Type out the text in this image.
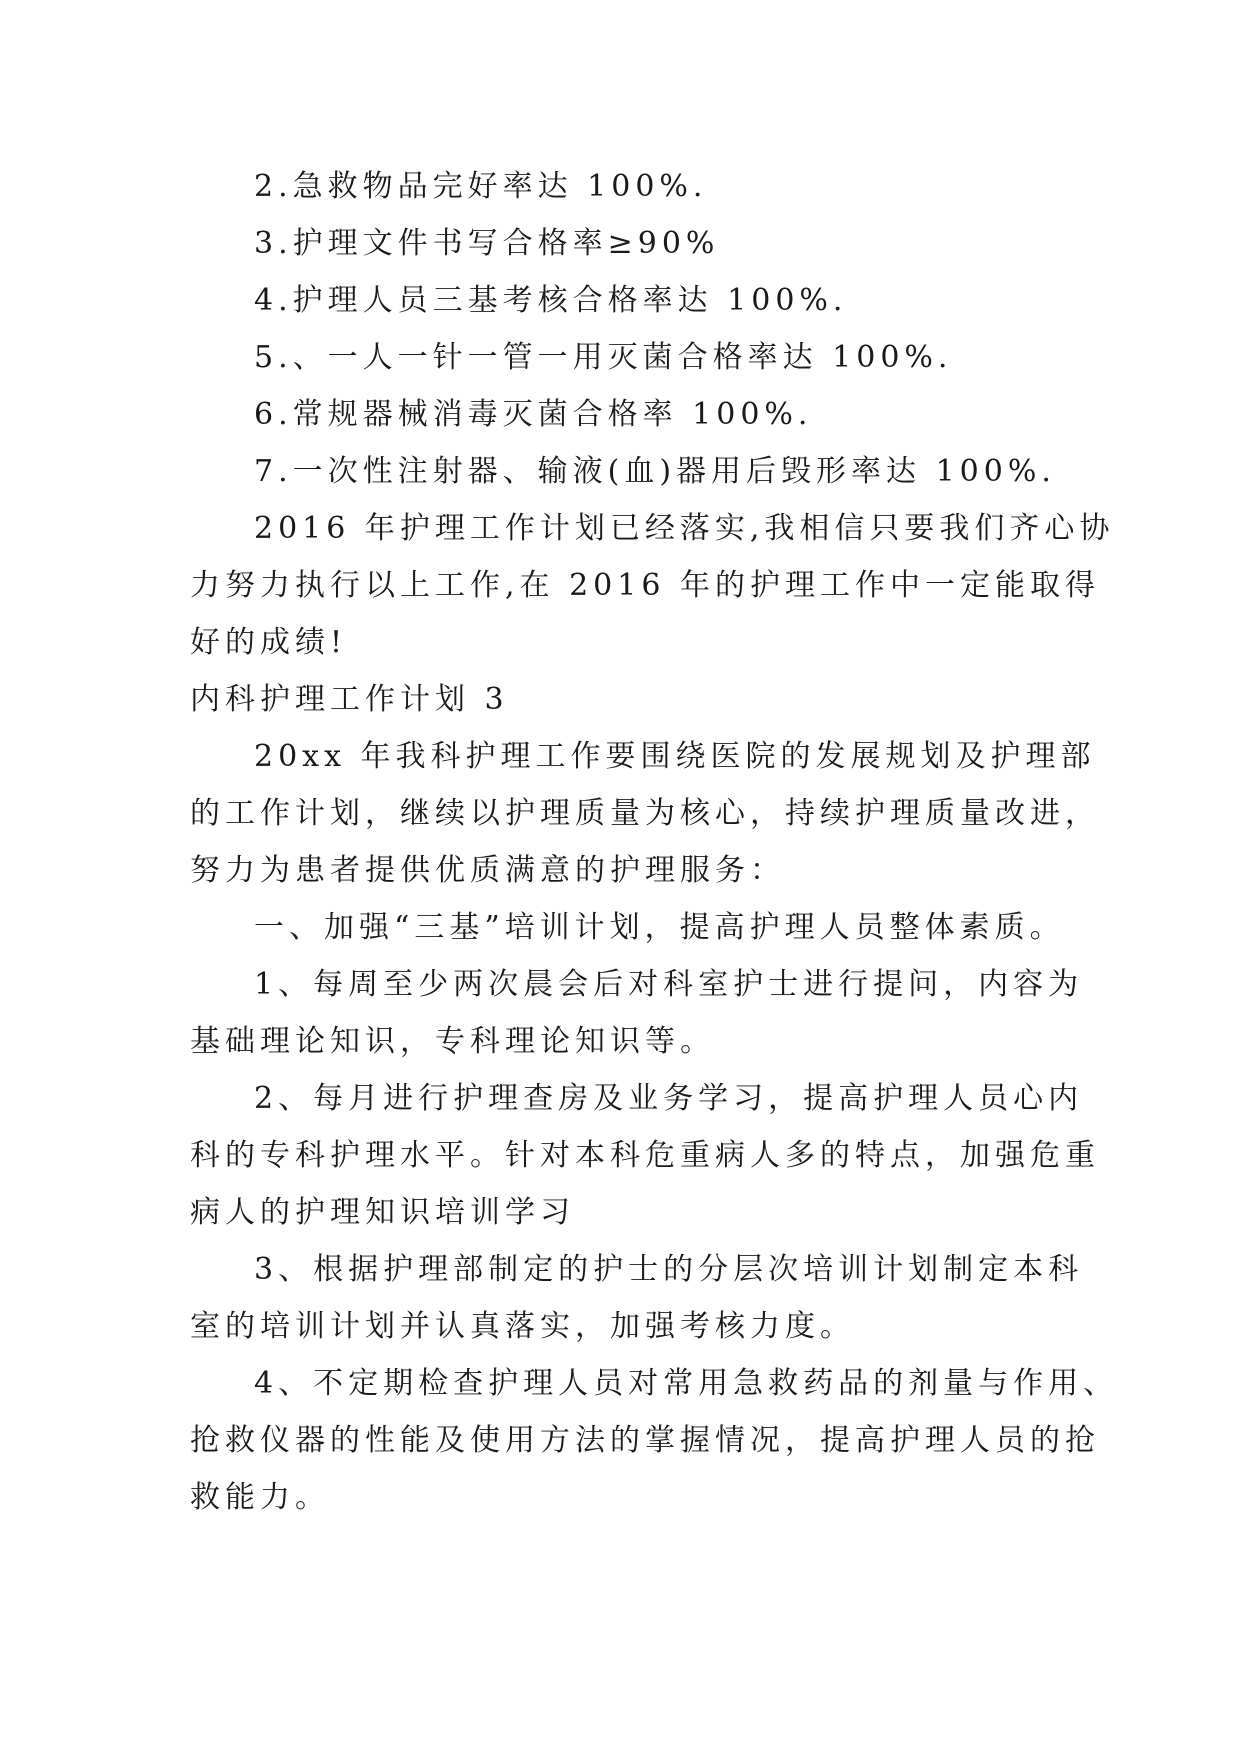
2.急救物品完好率达 100%.
3.护理文件书写合格率≥90%
4.护理人员三基考核合格率达 100%.
5.、一人一针一管一用灭菌合格率达 100%.
6.常规器械消毒灭菌合格率 100%.
7.一次性注射器、输液(血)器用后毁形率达 100%.
2016 年护理工作计划已经落实,我相信只要我们齐心协
力努力执行以上工作,在 2016 年的护理工作中一定能取得
好的成绩!
内科护理工作计划 3
20xx 年我科护理工作要围绕医院的发展规划及护理部
的工作计划，继续以护理质量为核心，持续护理质量改进，
努力为患者提供优质满意的护理服务：
一、加强“三基”培训计划，提高护理人员整体素质。
1、每周至少两次晨会后对科室护士进行提问，内容为
基础理论知识，专科理论知识等。
2、每月进行护理查房及业务学习，提高护理人员心内
科的专科护理水平。针对本科危重病人多的特点，加强危重
病人的护理知识培训学习
3、根据护理部制定的护士的分层次培训计划制定本科
室的培训计划并认真落实，加强考核力度。
4、不定期检查护理人员对常用急救药品的剂量与作用、
抢救仪器的性能及使用方法的掌握情况，提高护理人员的抢
救能力。
